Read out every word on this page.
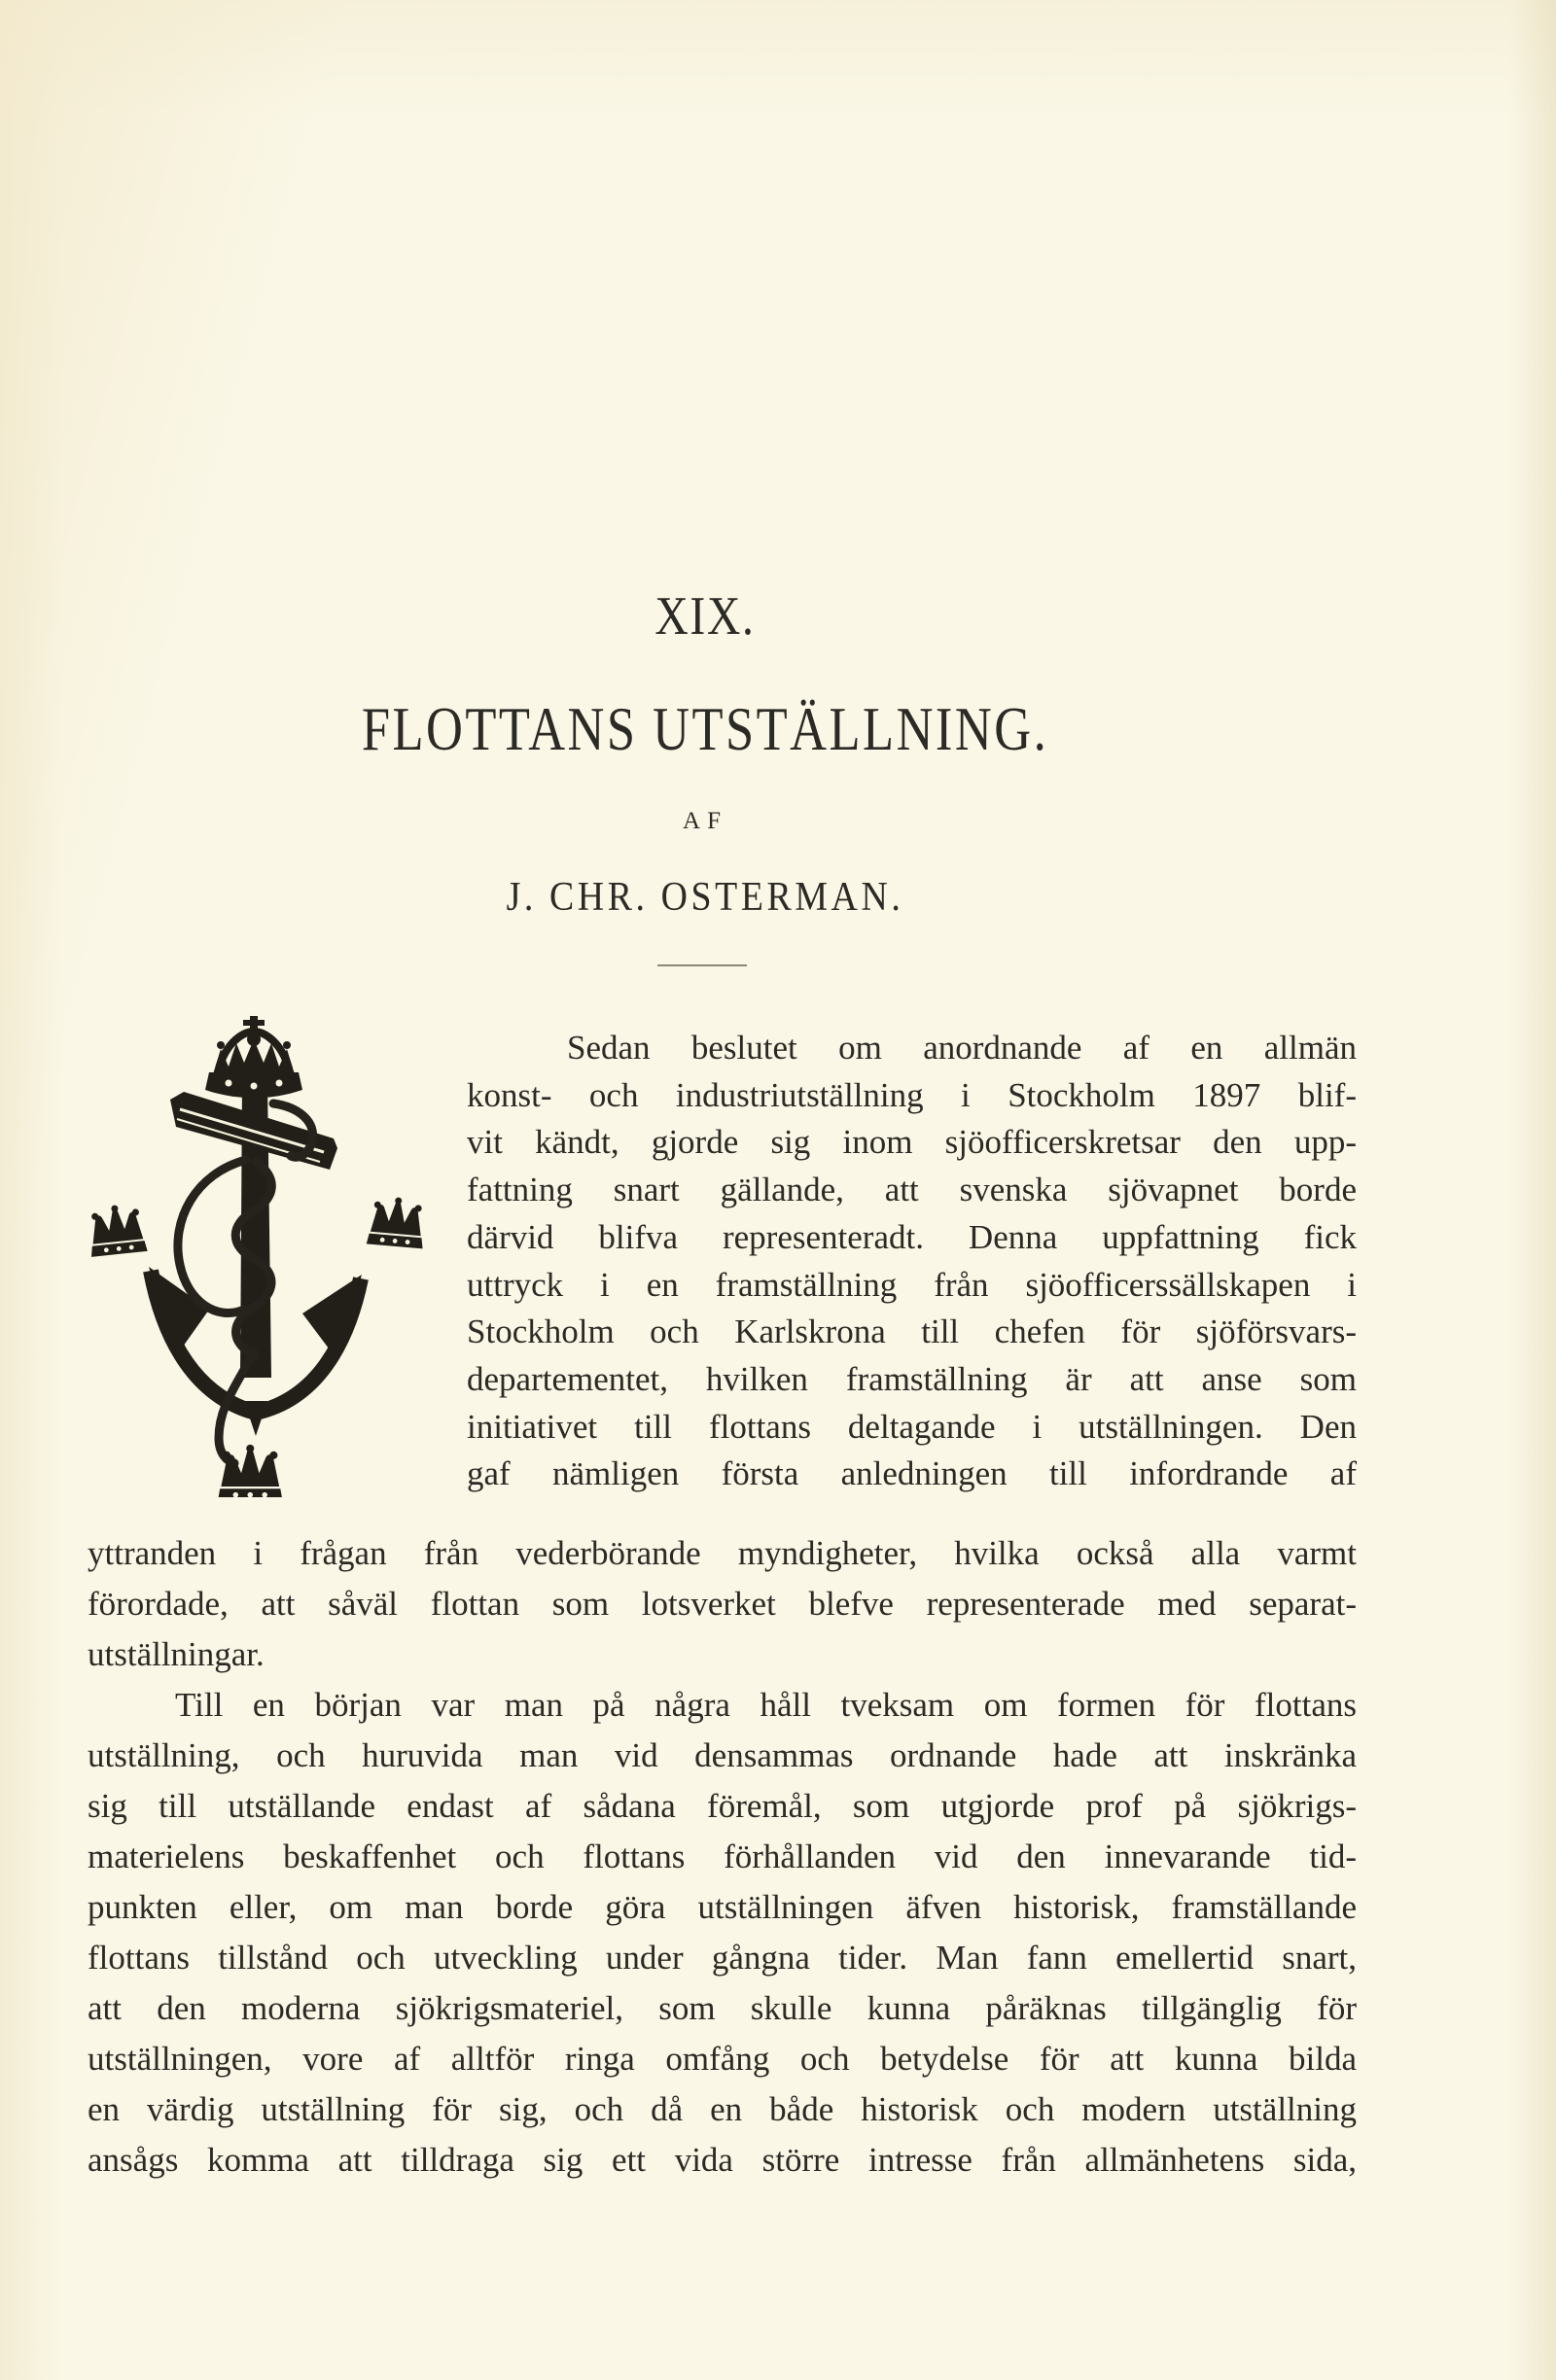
XIX.
FLOTTANS UTSTÄLLNING.
AF
J. CHR. OSTERMAN.
Sedan beslutet om anordnande af en allmän
konst- och industriutställning i Stockholm 1897 blif-
vit kändt, gjorde sig inom sjöofficerskretsar den upp-
fattning snart gällande, att svenska sjövapnet borde
därvid blifva representeradt. Denna uppfattning fick
uttryck i en framställning från sjöofficerssällskapen i
Stockholm och Karlskrona till chefen för sjöförsvars-
departementet, hvilken framställning är att anse som
initiativet till flottans deltagande i utställningen. Den
gaf nämligen första anledningen till infordrande af
yttranden i frågan från vederbörande myndigheter, hvilka också alla varmt
förordade, att såväl flottan som lotsverket blefve representerade med separat-
utställningar.
Till en början var man på några håll tveksam om formen för flottans
utställning, och huruvida man vid densammas ordnande hade att inskränka
sig till utställande endast af sådana föremål, som utgjorde prof på sjökrigs-
materielens beskaffenhet och flottans förhållanden vid den innevarande tid-
punkten eller, om man borde göra utställningen äfven historisk, framställande
flottans tillstånd och utveckling under gångna tider. Man fann emellertid snart,
att den moderna sjökrigsmateriel, som skulle kunna påräknas tillgänglig för
utställningen, vore af alltför ringa omfång och betydelse för att kunna bilda
en värdig utställning för sig, och då en både historisk och modern utställning
ansågs komma att tilldraga sig ett vida större intresse från allmänhetens sida,
